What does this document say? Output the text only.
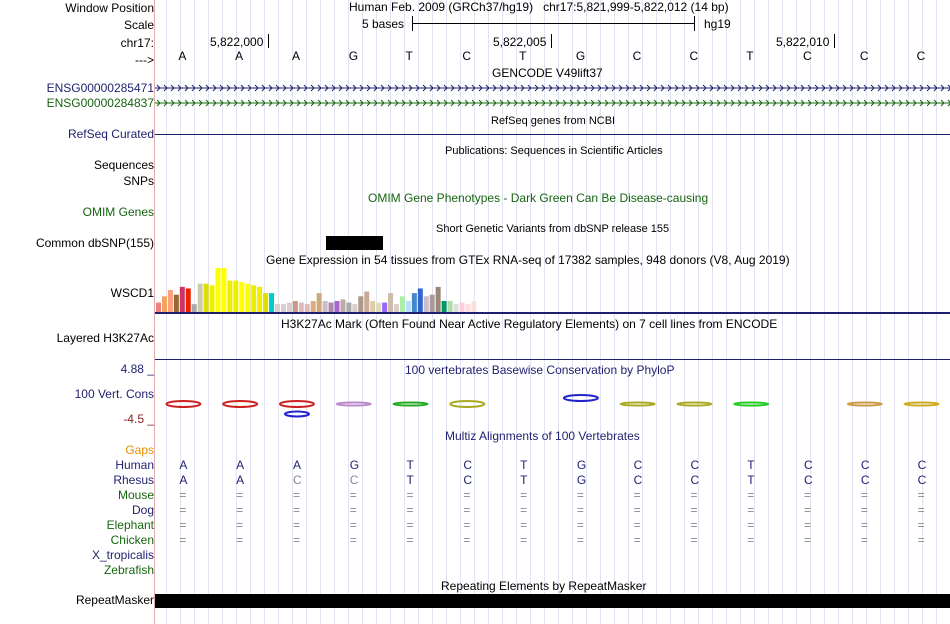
Window Position	Human Feb. 2009 (GRCh37/hg19)   chr17:5,821,999-5,822,012 (14 bp)
Scale	5 bases	hg19
chr17:	5,822,000	5,822,005	5,822,010
---> A	A	A	G	T	C	T	G	C	C	T	C	C	C
GENCODE V49lift37
ENSG00000285471
ENSG00000284837
RefSeq genes from NCBI
RefSeq Curated
Publications: Sequences in Scientific Articles
Sequences
SNPs
OMIM Gene Phenotypes - Dark Green Can Be Disease-causing
OMIM Genes
Short Genetic Variants from dbSNP release 155
Common dbSNP(155)
Gene Expression in 54 tissues from GTEx RNA-seq of 17382 samples, 948 donors (V8, Aug 2019)
WSCD1
H3K27Ac Mark (Often Found Near Active Regulatory Elements) on 7 cell lines from ENCODE
Layered H3K27Ac
4.88 _	100 vertebrates Basewise Conservation by PhyloP
100 Vert. Cons
-4.5 _
Multiz Alignments of 100 Vertebrates
Gaps
Human A	A	A	G	T	C	T	G	C	C	T	C	C	C
Rhesus A	A	C	C	T	C	T	G	C	C	T	C	C	C
Mouse =	=	=	=	=	=	=	=	=	=	=	=	=	=
Dog =	=	=	=	=	=	=	=	=	=	=	=	=	=
Elephant =	=	=	=	=	=	=	=	=	=	=	=	=	=
Chicken =	=	=	=	=	=	=	=	=	=	=	=	=	=
X_tropicalis
Zebrafish
Repeating Elements by RepeatMasker
RepeatMasker
